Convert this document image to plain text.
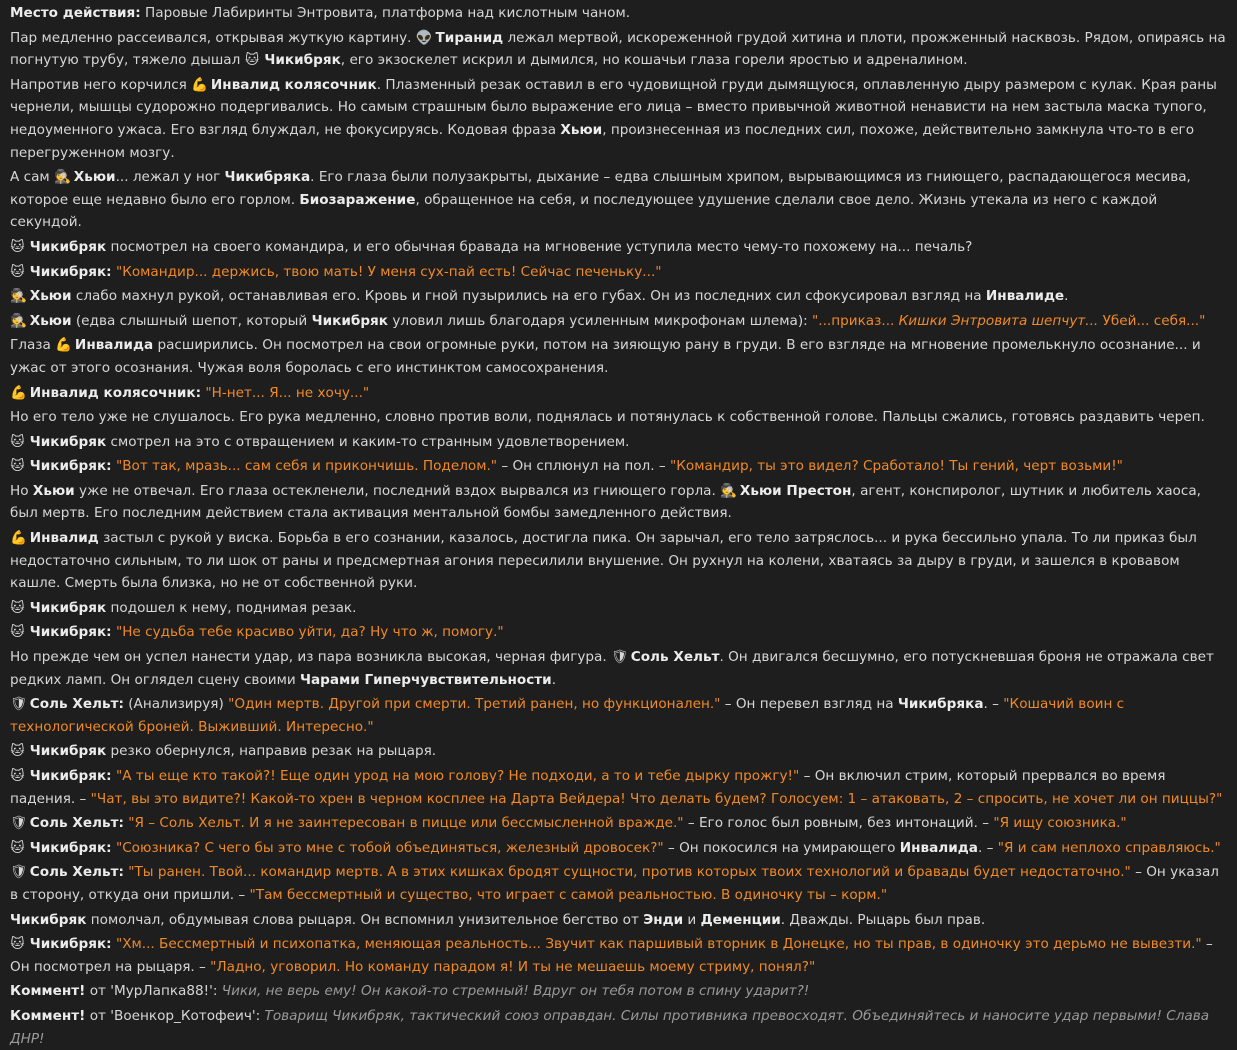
Место действия: Паровые Лабиринты Энтровита, платформа над кислотным чаном.
Пар медленно рассеивался, открывая жуткую картину. 👽 Тиранид лежал мертвой, искореженной грудой хитина и плоти, прожженный насквозь. Рядом, опираясь на погнутую трубу, тяжело дышал 🐱 Чикибряк, его экзоскелет искрил и дымился, но кошачьи глаза горели яростью и адреналином.
Напротив него корчился 💪 Инвалид колясочник. Плазменный резак оставил в его чудовищной груди дымящуюся, оплавленную дыру размером с кулак. Края раны чернели, мышцы судорожно подергивались. Но самым страшным было выражение его лица – вместо привычной животной ненависти на нем застыла маска тупого, недоуменного ужаса. Его взгляд блуждал, не фокусируясь. Кодовая фраза Хьюи, произнесенная из последних сил, похоже, действительно замкнула что-то в его перегруженном мозгу.
А сам 🕵 Хьюи... лежал у ног Чикибряка. Его глаза были полузакрыты, дыхание – едва слышным хрипом, вырывающимся из гниющего, распадающегося месива, которое еще недавно было его горлом. Биозаражение, обращенное на себя, и последующее удушение сделали свое дело. Жизнь утекала из него с каждой секундой.
🐱 Чикибряк посмотрел на своего командира, и его обычная бравада на мгновение уступила место чему-то похожему на... печаль?
🐱 Чикибряк: "Командир... держись, твою мать! У меня сух-пай есть! Сейчас печеньку..."
🕵 Хьюи слабо махнул рукой, останавливая его. Кровь и гной пузырились на его губах. Он из последних сил сфокусировал взгляд на Инвалиде.
🕵 Хьюи (едва слышный шепот, который Чикибряк уловил лишь благодаря усиленным микрофонам шлема): "...приказ... Кишки Энтровита шепчут... Убей... себя..."
Глаза 💪 Инвалида расширились. Он посмотрел на свои огромные руки, потом на зияющую рану в груди. В его взгляде на мгновение промелькнуло осознание... и ужас от этого осознания. Чужая воля боролась с его инстинктом самосохранения.
💪 Инвалид колясочник: "Н-нет... Я... не хочу..."
Но его тело уже не слушалось. Его рука медленно, словно против воли, поднялась и потянулась к собственной голове. Пальцы сжались, готовясь раздавить череп.
🐱 Чикибряк смотрел на это с отвращением и каким-то странным удовлетворением.
🐱 Чикибряк: "Вот так, мразь... сам себя и прикончишь. Поделом." – Он сплюнул на пол. – "Командир, ты это видел? Сработало! Ты гений, черт возьми!"
Но Хьюи уже не отвечал. Его глаза остекленели, последний вздох вырвался из гниющего горла. 🕵 Хьюи Престон, агент, конспиролог, шутник и любитель хаоса, был мертв. Его последним действием стала активация ментальной бомбы замедленного действия.
💪 Инвалид застыл с рукой у виска. Борьба в его сознании, казалось, достигла пика. Он зарычал, его тело затряслось... и рука бессильно упала. То ли приказ был недостаточно сильным, то ли шок от раны и предсмертная агония пересилили внушение. Он рухнул на колени, хватаясь за дыру в груди, и зашелся в кровавом кашле. Смерть была близка, но не от собственной руки.
🐱 Чикибряк подошел к нему, поднимая резак.
🐱 Чикибряк: "Не судьба тебе красиво уйти, да? Ну что ж, помогу."
Но прежде чем он успел нанести удар, из пара возникла высокая, черная фигура. 🛡 Соль Хельт. Он двигался бесшумно, его потускневшая броня не отражала свет редких ламп. Он оглядел сцену своими Чарами Гиперчувствительности.
🛡 Соль Хельт: (Анализируя) "Один мертв. Другой при смерти. Третий ранен, но функционален." – Он перевел взгляд на Чикибряка. – "Кошачий воин с технологической броней. Выживший. Интересно."
🐱 Чикибряк резко обернулся, направив резак на рыцаря.
🐱 Чикибряк: "А ты еще кто такой?! Еще один урод на мою голову? Не подходи, а то и тебе дырку прожгу!" – Он включил стрим, который прервался во время падения. – "Чат, вы это видите?! Какой-то хрен в черном косплее на Дарта Вейдера! Что делать будем? Голосуем: 1 – атаковать, 2 – спросить, не хочет ли он пиццы?"
🛡 Соль Хельт: "Я – Соль Хельт. И я не заинтересован в пицце или бессмысленной вражде." – Его голос был ровным, без интонаций. – "Я ищу союзника."
🐱 Чикибряк: "Союзника? С чего бы это мне с тобой объединяться, железный дровосек?" – Он покосился на умирающего Инвалида. – "Я и сам неплохо справляюсь."
🛡 Соль Хельт: "Ты ранен. Твой... командир мертв. А в этих кишках бродят сущности, против которых твоих технологий и бравады будет недостаточно." – Он указал в сторону, откуда они пришли. – "Там бессмертный и существо, что играет с самой реальностью. В одиночку ты – корм."
Чикибряк помолчал, обдумывая слова рыцаря. Он вспомнил унизительное бегство от Энди и Деменции. Дважды. Рыцарь был прав.
🐱 Чикибряк: "Хм... Бессмертный и психопатка, меняющая реальность... Звучит как паршивый вторник в Донецке, но ты прав, в одиночку это дерьмо не вывезти." – Он посмотрел на рыцаря. – "Ладно, уговорил. Но команду парадом я! И ты не мешаешь моему стриму, понял?"
Коммент! от 'МурЛапка88!': Чики, не верь ему! Он какой-то стремный! Вдруг он тебя потом в спину ударит?!
Коммент! от 'Военкор_Котофеич': Товарищ Чикибряк, тактический союз оправдан. Силы противника превосходят. Объединяйтесь и наносите удар первыми! Слава ДНР!
